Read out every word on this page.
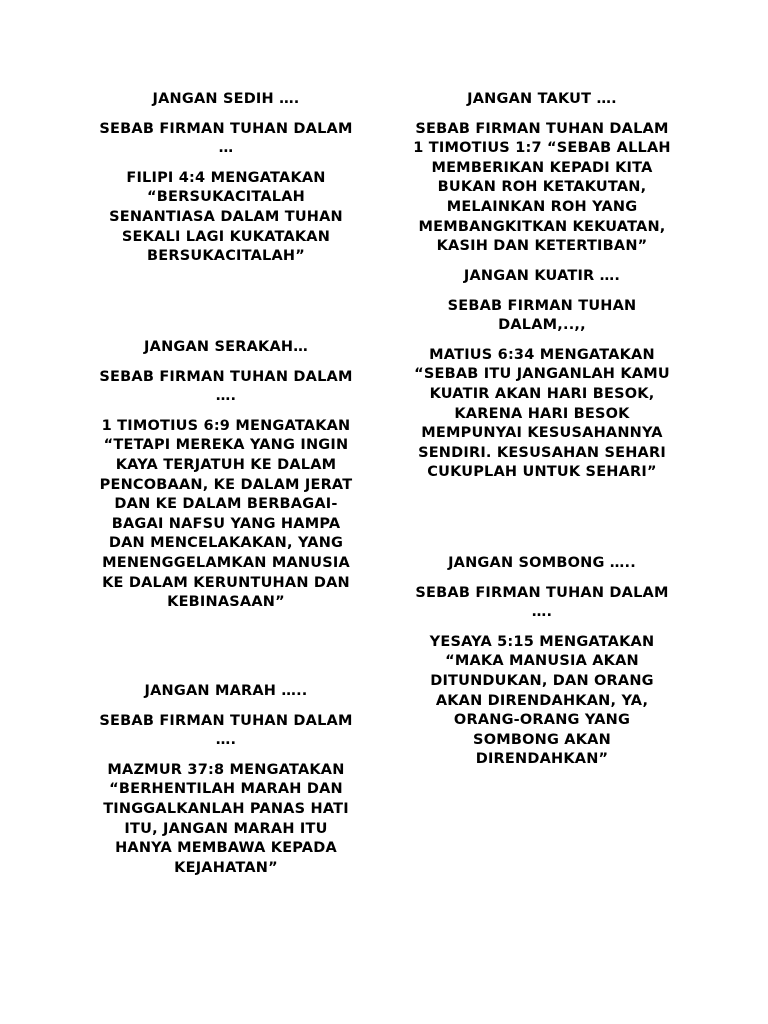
JANGAN SEDIH ….

SEBAB FIRMAN TUHAN DALAM …

FILIPI 4:4 MENGATAKAN “BERSUKACITALAH SENANTIASA DALAM TUHAN SEKALI LAGI KUKATAKAN BERSUKACITALAH”

JANGAN SERAKAH…

SEBAB FIRMAN TUHAN DALAM ….

1 TIMOTIUS 6:9 MENGATAKAN “TETAPI MEREKA YANG INGIN KAYA TERJATUH KE DALAM PENCOBAAN, KE DALAM JERAT DAN KE DALAM BERBAGAI-BAGAI NAFSU YANG HAMPA DAN MENCELAKAKAN, YANG MENENGGELAMKAN MANUSIA KE DALAM KERUNTUHAN DAN KEBINASAAN”

JANGAN MARAH …..

SEBAB FIRMAN TUHAN DALAM ….

MAZMUR 37:8 MENGATAKAN “BERHENTILAH MARAH DAN TINGGALKANLAH PANAS HATI ITU, JANGAN MARAH ITU HANYA MEMBAWA KEPADA KEJAHATAN”

JANGAN TAKUT ….

SEBAB FIRMAN TUHAN DALAM 1 TIMOTIUS 1:7 “SEBAB ALLAH MEMBERIKAN KEPADI KITA BUKAN ROH KETAKUTAN, MELAINKAN ROH YANG MEMBANGKITKAN KEKUATAN, KASIH DAN KETERTIBAN”

JANGAN KUATIR ….

SEBAB FIRMAN TUHAN DALAM,..,,

MATIUS 6:34 MENGATAKAN “SEBAB ITU JANGANLAH KAMU KUATIR AKAN HARI BESOK, KARENA HARI BESOK MEMPUNYAI KESUSAHANNYA SENDIRI. KESUSAHAN SEHARI CUKUPLAH UNTUK SEHARI”

JANGAN SOMBONG …..

SEBAB FIRMAN TUHAN DALAM ….

YESAYA 5:15 MENGATAKAN “MAKA MANUSIA AKAN DITUNDUKAN, DAN ORANG AKAN DIRENDAHKAN, YA, ORANG-ORANG YANG SOMBONG AKAN DIRENDAHKAN”
